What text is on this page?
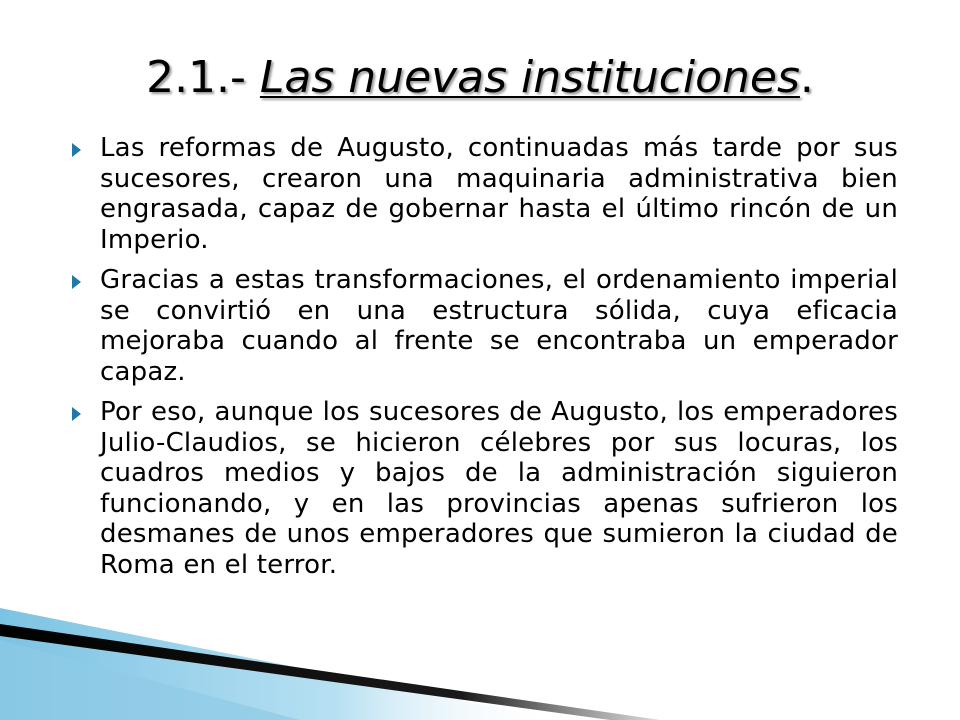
2.1.- Las nuevas instituciones.
Las reformas de Augusto, continuadas más tarde por sus sucesores, crearon una maquinaria administrativa bien engrasada, capaz de gobernar hasta el último rincón de un Imperio.
Gracias a estas transformaciones, el ordenamiento imperial se convirtió en una estructura sólida, cuya eficacia mejoraba cuando al frente se encontraba un emperador capaz.
Por eso, aunque los sucesores de Augusto, los emperadores Julio-Claudios, se hicieron célebres por sus locuras, los cuadros medios y bajos de la administración siguieron funcionando, y en las provincias apenas sufrieron los desmanes de unos emperadores que sumieron la ciudad de Roma en el terror.
